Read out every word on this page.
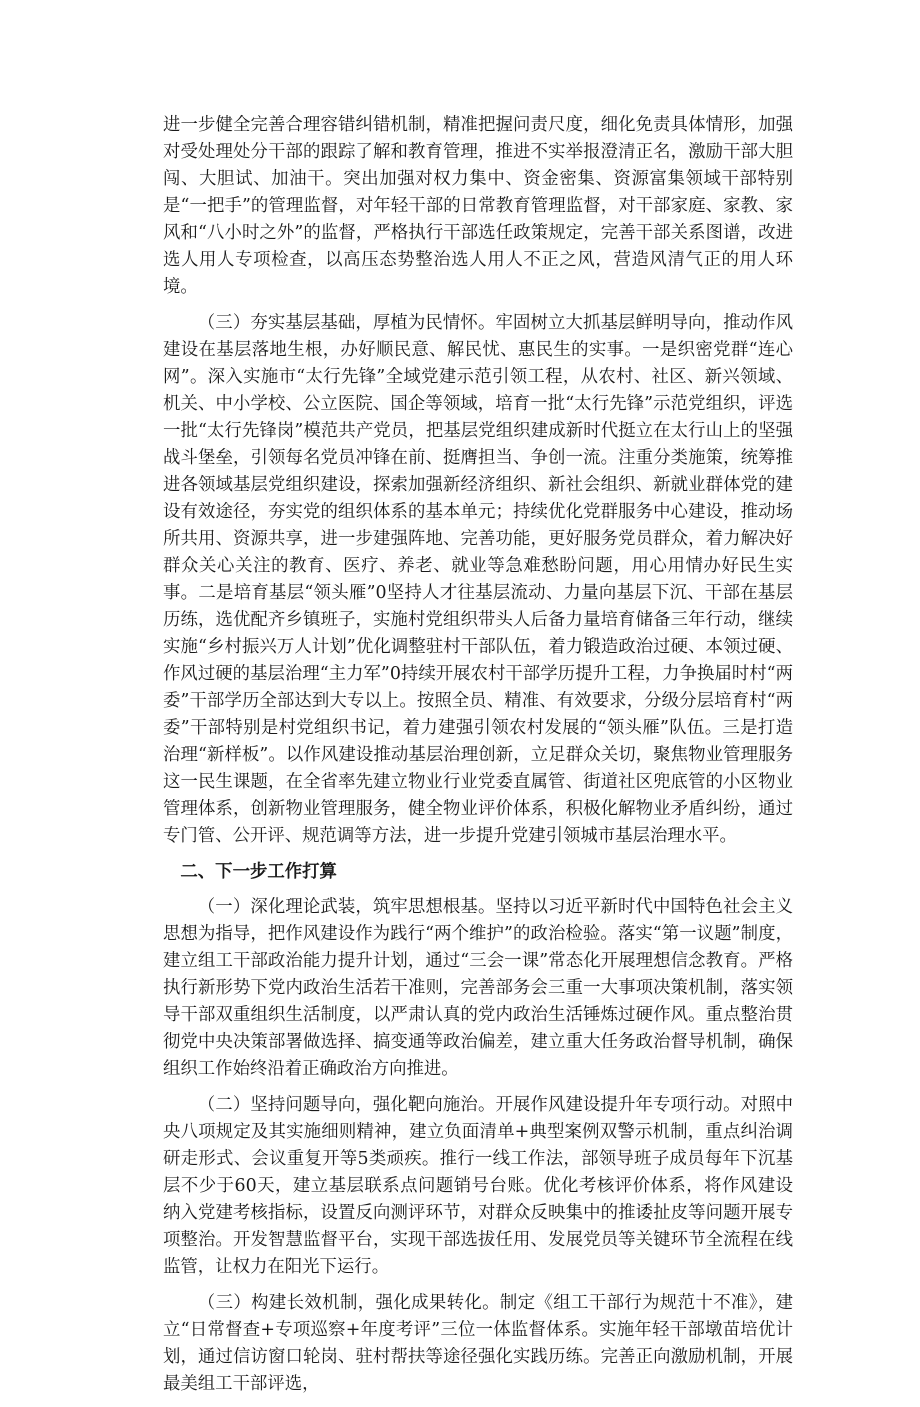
进一步健全完善合理容错纠错机制，精准把握问责尺度，细化免责具体情形，加强对受处理处分干部的跟踪了解和教育管理，推进不实举报澄清正名，激励干部大胆闯、大胆试、加油干。突出加强对权力集中、资金密集、资源富集领域干部特别是“一把手”的管理监督，对年轻干部的日常教育管理监督，对干部家庭、家教、家风和“八小时之外”的监督，严格执行干部选任政策规定，完善干部关系图谱，改进选人用人专项检查，以高压态势整治选人用人不正之风，营造风清气正的用人环境。

（三）夯实基层基础，厚植为民情怀。牢固树立大抓基层鲜明导向，推动作风建设在基层落地生根，办好顺民意、解民忧、惠民生的实事。一是织密党群“连心网”。深入实施市“太行先锋”全域党建示范引领工程，从农村、社区、新兴领域、机关、中小学校、公立医院、国企等领域，培育一批“太行先锋”示范党组织，评选一批“太行先锋岗”模范共产党员，把基层党组织建成新时代挺立在太行山上的坚强战斗堡垒，引领每名党员冲锋在前、挺膺担当、争创一流。注重分类施策，统筹推进各领域基层党组织建设，探索加强新经济组织、新社会组织、新就业群体党的建设有效途径，夯实党的组织体系的基本单元；持续优化党群服务中心建设，推动场所共用、资源共享，进一步建强阵地、完善功能，更好服务党员群众，着力解决好群众关心关注的教育、医疗、养老、就业等急难愁盼问题，用心用情办好民生实事。二是培育基层“领头雁”0坚持人才往基层流动、力量向基层下沉、干部在基层历练，选优配齐乡镇班子，实施村党组织带头人后备力量培育储备三年行动，继续实施“乡村振兴万人计划”优化调整驻村干部队伍，着力锻造政治过硬、本领过硬、作风过硬的基层治理“主力军”0持续开展农村干部学历提升工程，力争换届时村“两委”干部学历全部达到大专以上。按照全员、精准、有效要求，分级分层培育村“两委”干部特别是村党组织书记，着力建强引领农村发展的“领头雁”队伍。三是打造治理“新样板”。以作风建设推动基层治理创新，立足群众关切，聚焦物业管理服务这一民生课题，在全省率先建立物业行业党委直属管、街道社区兜底管的小区物业管理体系，创新物业管理服务，健全物业评价体系，积极化解物业矛盾纠纷，通过专门管、公开评、规范调等方法，进一步提升党建引领城市基层治理水平。

二、下一步工作打算

（一）深化理论武装，筑牢思想根基。坚持以习近平新时代中国特色社会主义思想为指导，把作风建设作为践行“两个维护”的政治检验。落实“第一议题”制度，建立组工干部政治能力提升计划，通过“三会一课”常态化开展理想信念教育。严格执行新形势下党内政治生活若干准则，完善部务会三重一大事项决策机制，落实领导干部双重组织生活制度，以严肃认真的党内政治生活锤炼过硬作风。重点整治贯彻党中央决策部署做选择、搞变通等政治偏差，建立重大任务政治督导机制，确保组织工作始终沿着正确政治方向推进。

（二）坚持问题导向，强化靶向施治。开展作风建设提升年专项行动。对照中央八项规定及其实施细则精神，建立负面清单+典型案例双警示机制，重点纠治调研走形式、会议重复开等5类顽疾。推行一线工作法，部领导班子成员每年下沉基层不少于60天，建立基层联系点问题销号台账。优化考核评价体系，将作风建设纳入党建考核指标，设置反向测评环节，对群众反映集中的推诿扯皮等问题开展专项整治。开发智慧监督平台，实现干部选拔任用、发展党员等关键环节全流程在线监管，让权力在阳光下运行。

（三）构建长效机制，强化成果转化。制定《组工干部行为规范十不准》，建立“日常督查+专项巡察+年度考评”三位一体监督体系。实施年轻干部墩苗培优计划，通过信访窗口轮岗、驻村帮扶等途径强化实践历练。完善正向激励机制，开展最美组工干部评选，
